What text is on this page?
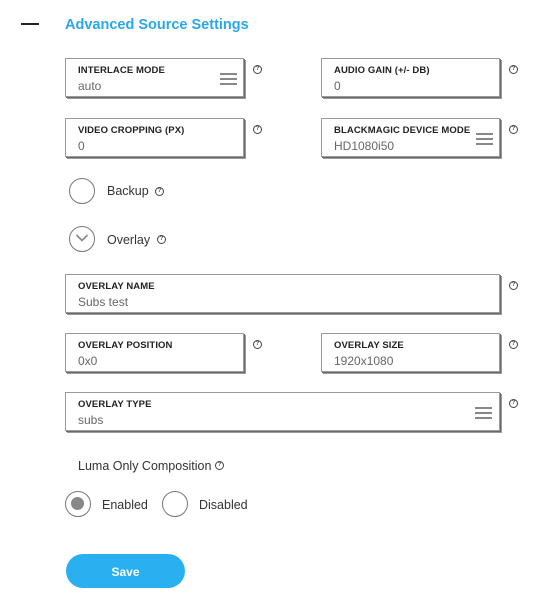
Advanced Source Settings
INTERLACE MODE
auto
?	AUDIO GAIN (+/- DB)
0
?
VIDEO CROPPING (PX)
0
?	BLACKMAGIC DEVICE MODE
HD1080i50
?
Backup ?
Overlay ?
OVERLAY NAME
Subs test
?
OVERLAY POSITION
0x0
?	OVERLAY SIZE
1920x1080
?
OVERLAY TYPE
subs
?
Luma Only Composition ?
Enabled	Disabled
Save
